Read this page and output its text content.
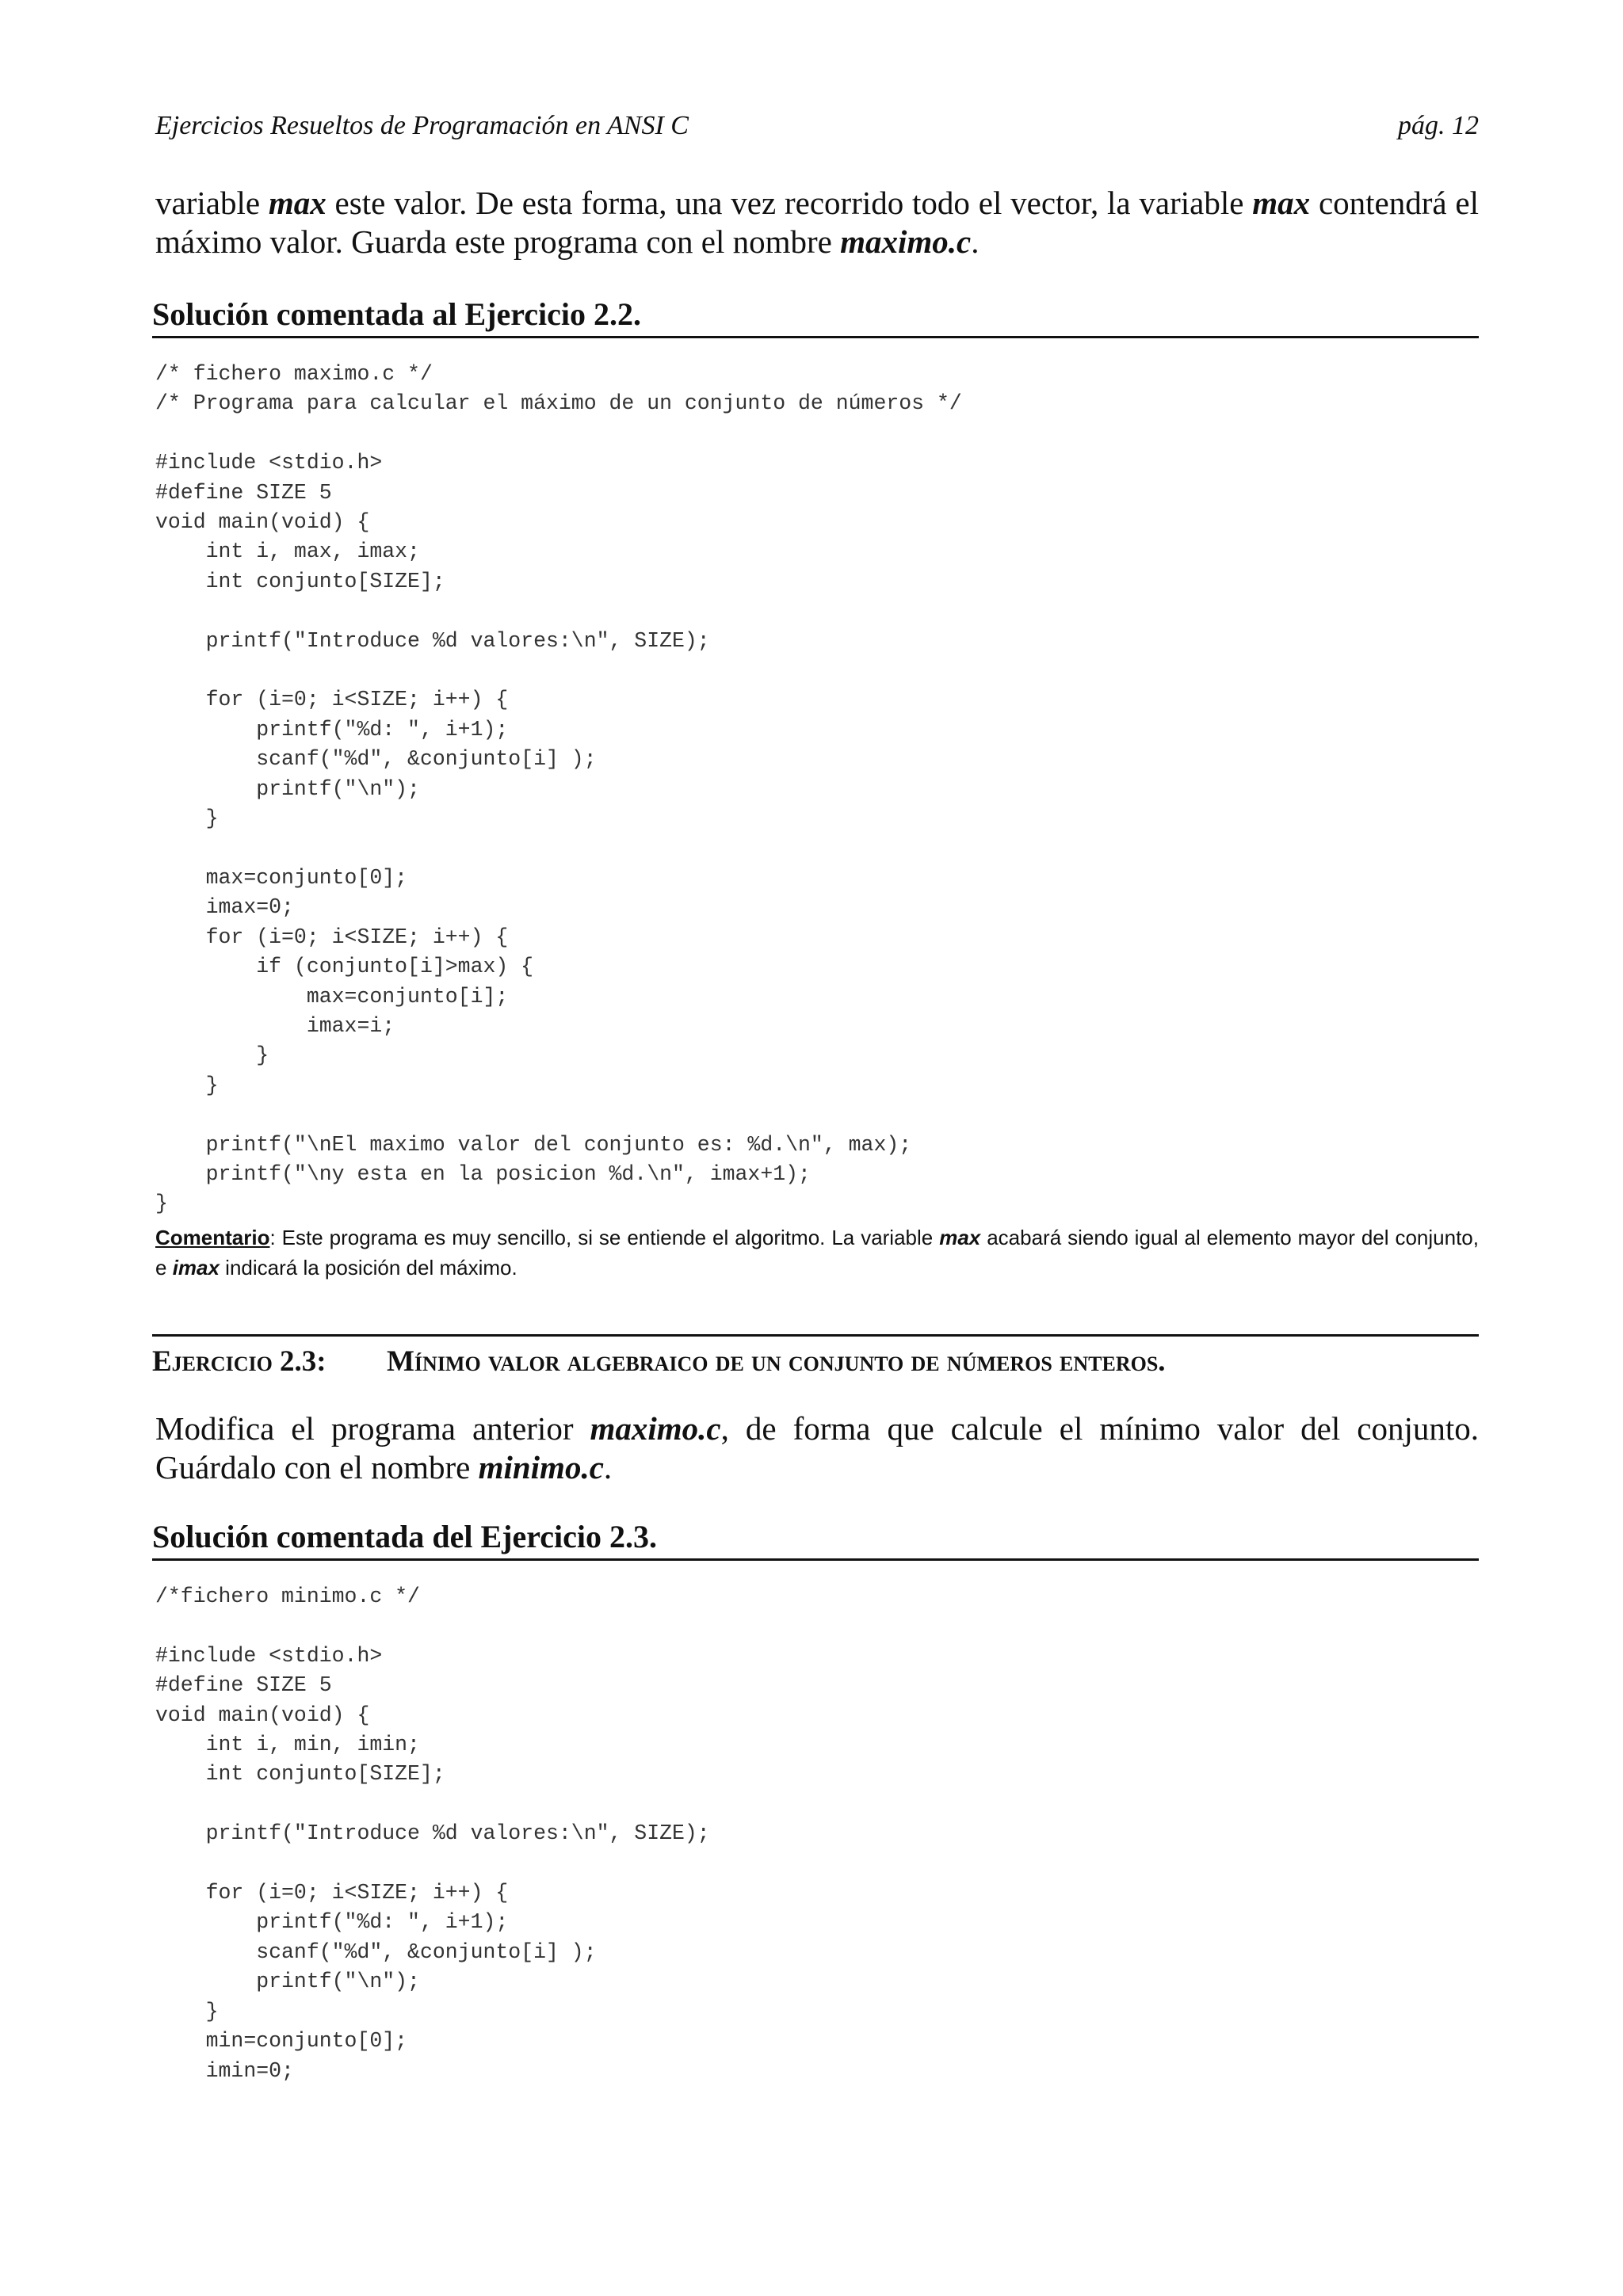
Ejercicios Resueltos de Programación en ANSI C	pág. 12

variable max este valor. De esta forma, una vez recorrido todo el vector, la variable max contendrá el máximo valor. Guarda este programa con el nombre maximo.c.

Solución comentada al Ejercicio 2.2.
/* fichero maximo.c */
/* Programa para calcular el máximo de un conjunto de números */

#include <stdio.h>
#define SIZE 5
void main(void) {
int i, max, imax;
int conjunto[SIZE];

printf("Introduce %d valores:\n", SIZE);

for (i=0; i<SIZE; i++) {
printf("%d: ", i+1);
scanf("%d", &conjunto[i] );
printf("\n");
}

max=conjunto[0];
imax=0;
for (i=0; i<SIZE; i++) {
if (conjunto[i]>max) {
max=conjunto[i];
imax=i;
}
}

printf("\nEl maximo valor del conjunto es: %d.\n", max);
printf("\ny esta en la posicion %d.\n", imax+1);
}

Comentario: Este programa es muy sencillo, si se entiende el algoritmo. La variable max acabará siendo igual al elemento mayor del conjunto, e imax indicará la posición del máximo.

Ejercicio 2.3: Mínimo valor algebraico de un conjunto de números enteros.

Modifica el programa anterior maximo.c, de forma que calcule el mínimo valor del conjunto. Guárdalo con el nombre minimo.c.

Solución comentada del Ejercicio 2.3.
/*fichero minimo.c */

#include <stdio.h>
#define SIZE 5
void main(void) {
int i, min, imin;
int conjunto[SIZE];

printf("Introduce %d valores:\n", SIZE);

for (i=0; i<SIZE; i++) {
printf("%d: ", i+1);
scanf("%d", &conjunto[i] );
printf("\n");
}
min=conjunto[0];
imin=0;
